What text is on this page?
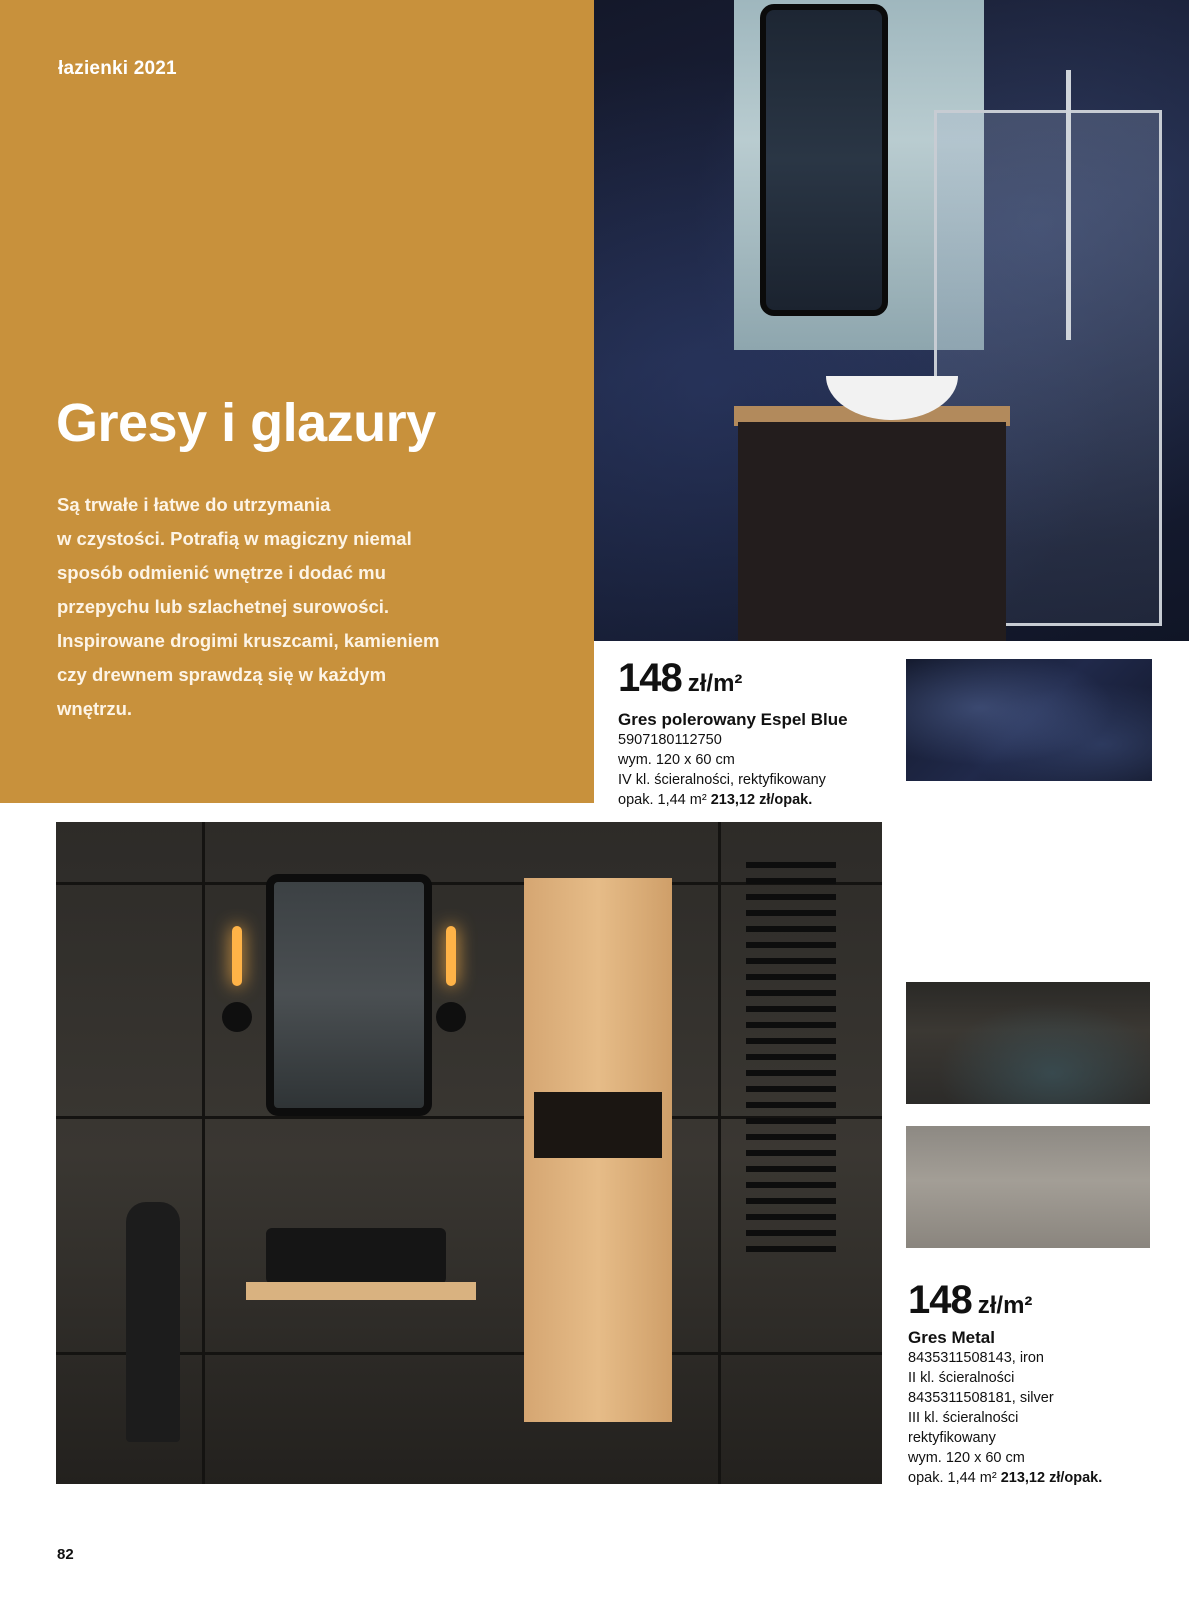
łazienki 2021
Gresy i glazury

Są trwałe i łatwe do utrzymania
w czystości. Potrafią w magiczny niemal
sposób odmienić wnętrze i dodać mu
przepychu lub szlachetnej surowości.
Inspirowane drogimi kruszcami, kamieniem
czy drewnem sprawdzą się w każdym
wnętrzu.

148 zł/m²
Gres polerowany Espel Blue
5907180112750
wym. 120 x 60 cm
IV kl. ścieralności, rektyfikowany
opak. 1,44 m² 213,12 zł/opak.
148 zł/m²
Gres Metal
8435311508143, iron
II kl. ścieralności
8435311508181, silver
III kl. ścieralności
rektyfikowany
wym. 120 x 60 cm
opak. 1,44 m² 213,12 zł/opak.
82
